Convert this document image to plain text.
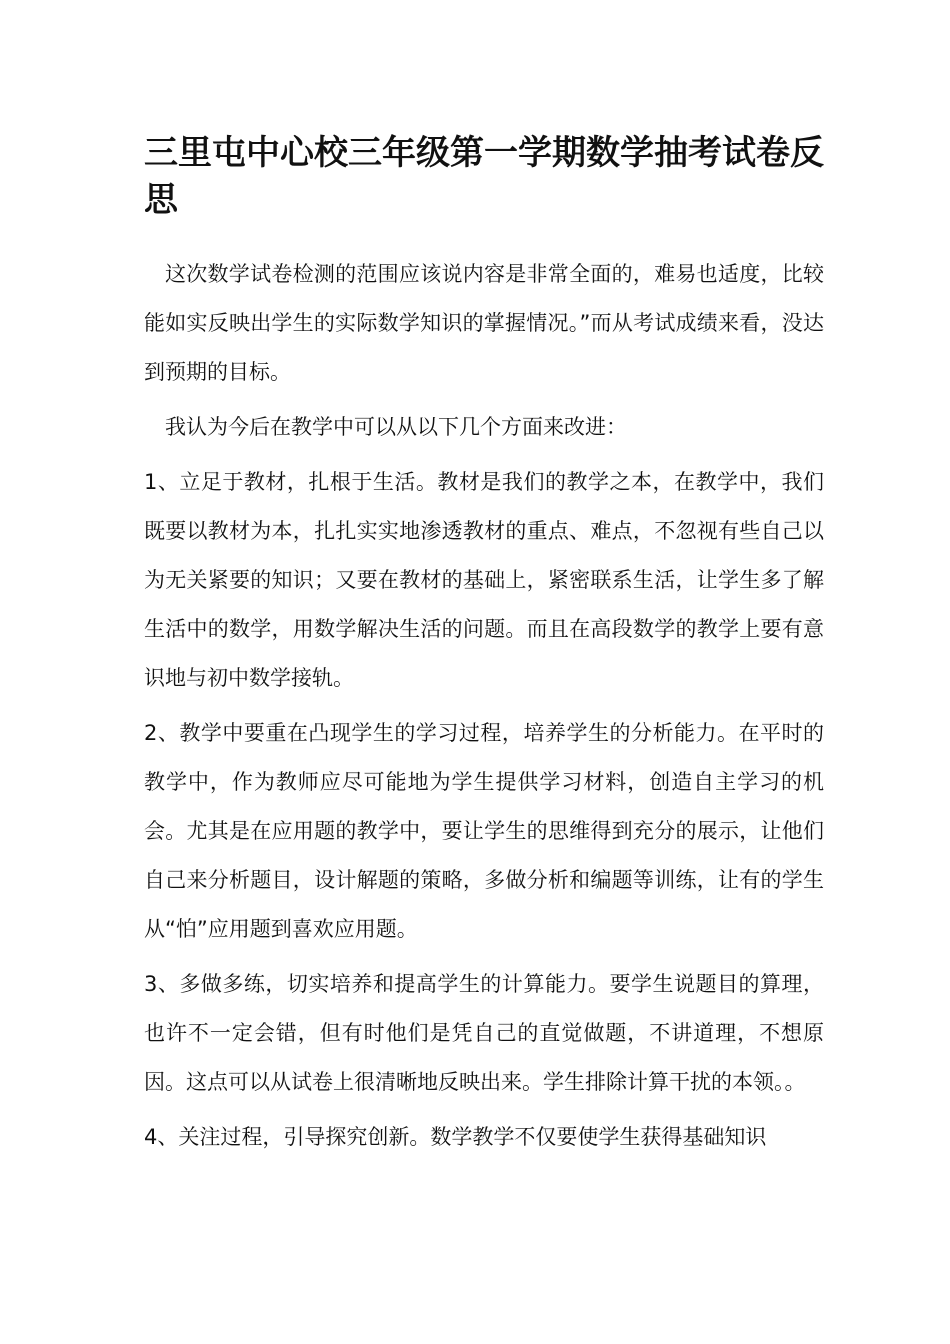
三里屯中心校三年级第一学期数学抽考试卷反思

这次数学试卷检测的范围应该说内容是非常全面的，难易也适度，比较能如实反映出学生的实际数学知识的掌握情况。”而从考试成绩来看，没达到预期的目标。

我认为今后在教学中可以从以下几个方面来改进：

1、立足于教材，扎根于生活。教材是我们的教学之本，在教学中，我们既要以教材为本，扎扎实实地渗透教材的重点、难点，不忽视有些自己以为无关紧要的知识；又要在教材的基础上，紧密联系生活，让学生多了解生活中的数学，用数学解决生活的问题。而且在高段数学的教学上要有意识地与初中数学接轨。

2、教学中要重在凸现学生的学习过程，培养学生的分析能力。在平时的教学中，作为教师应尽可能地为学生提供学习材料，创造自主学习的机会。尤其是在应用题的教学中，要让学生的思维得到充分的展示，让他们自己来分析题目，设计解题的策略，多做分析和编题等训练，让有的学生从“怕”应用题到喜欢应用题。

3、多做多练，切实培养和提高学生的计算能力。要学生说题目的算理，也许不一定会错，但有时他们是凭自己的直觉做题，不讲道理，不想原因。这点可以从试卷上很清晰地反映出来。学生排除计算干扰的本领。。

4、关注过程，引导探究创新。数学教学不仅要使学生获得基础知识
